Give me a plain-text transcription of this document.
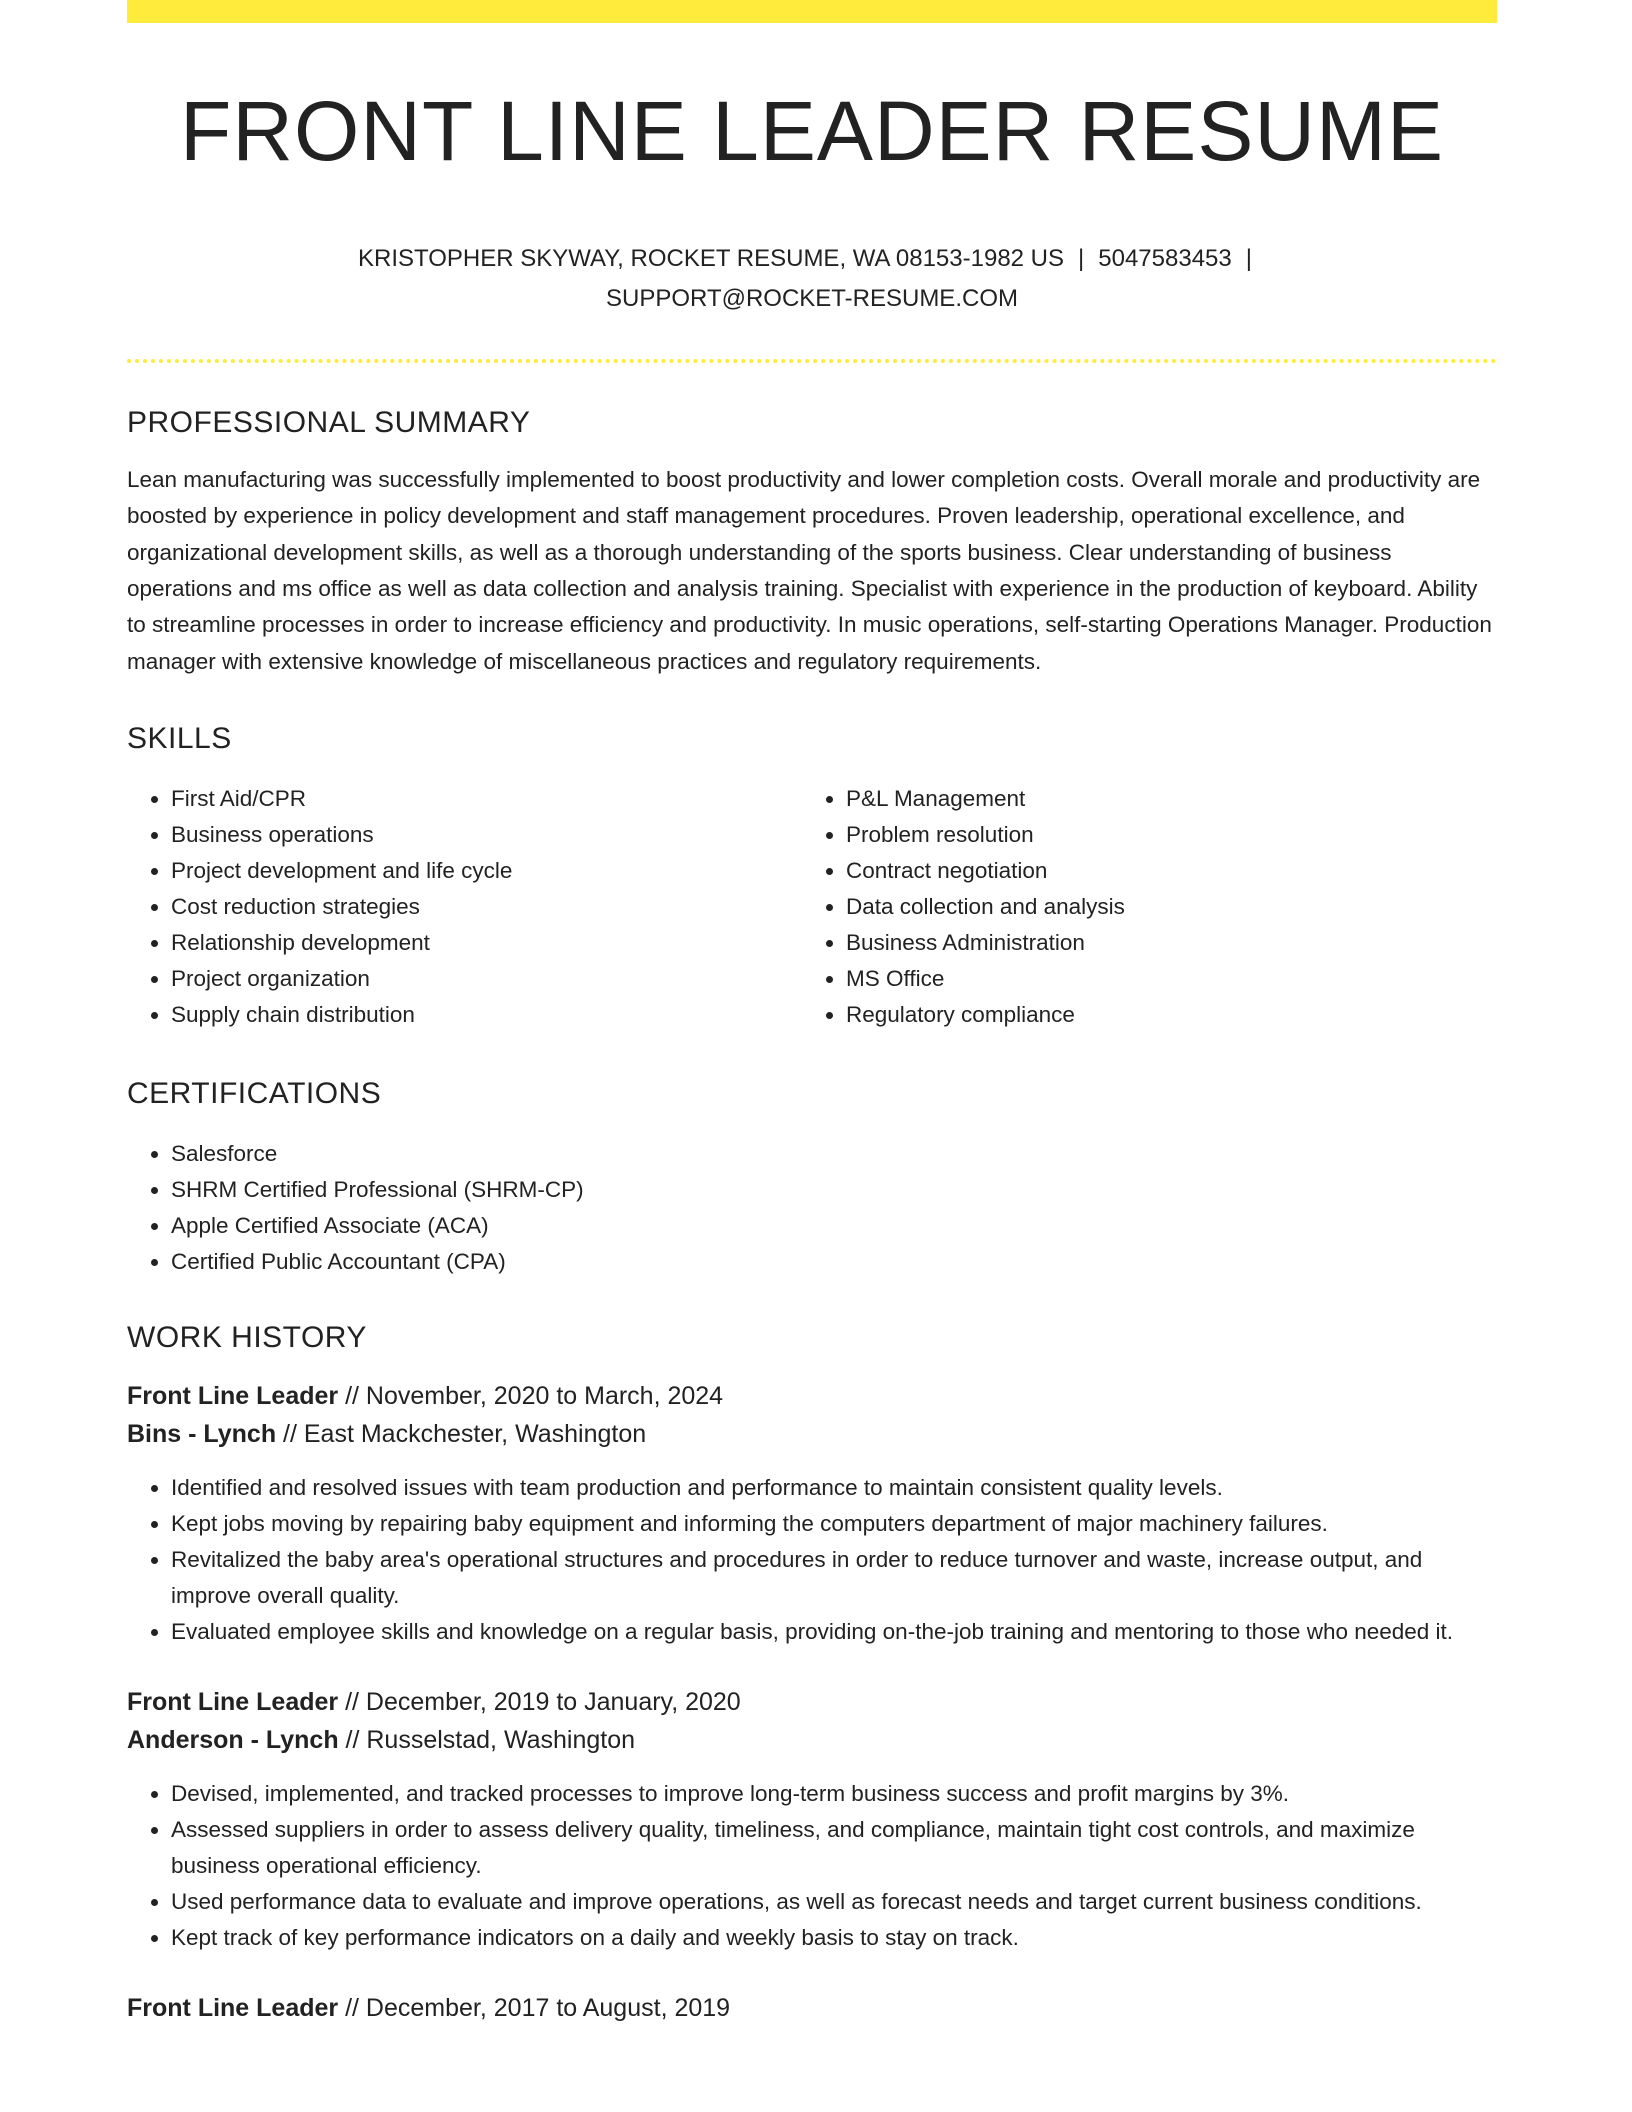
FRONT LINE LEADER RESUME
KRISTOPHER SKYWAY, ROCKET RESUME, WA 08153-1982 US | 5047583453 |
SUPPORT@ROCKET-RESUME.COM
PROFESSIONAL SUMMARY
Lean manufacturing was successfully implemented to boost productivity and lower completion costs. Overall morale and productivity are boosted by experience in policy development and staff management procedures. Proven leadership, operational excellence, and organizational development skills, as well as a thorough understanding of the sports business. Clear understanding of business operations and ms office as well as data collection and analysis training. Specialist with experience in the production of keyboard. Ability to streamline processes in order to increase efficiency and productivity. In music operations, self-starting Operations Manager. Production manager with extensive knowledge of miscellaneous practices and regulatory requirements.
SKILLS
• First Aid/CPR
• Business operations
• Project development and life cycle
• Cost reduction strategies
• Relationship development
• Project organization
• Supply chain distribution
• P&L Management
• Problem resolution
• Contract negotiation
• Data collection and analysis
• Business Administration
• MS Office
• Regulatory compliance
CERTIFICATIONS
• Salesforce
• SHRM Certified Professional (SHRM-CP)
• Apple Certified Associate (ACA)
• Certified Public Accountant (CPA)
WORK HISTORY
Front Line Leader // November, 2020 to March, 2024
Bins - Lynch // East Mackchester, Washington
• Identified and resolved issues with team production and performance to maintain consistent quality levels.
• Kept jobs moving by repairing baby equipment and informing the computers department of major machinery failures.
• Revitalized the baby area's operational structures and procedures in order to reduce turnover and waste, increase output, and improve overall quality.
• Evaluated employee skills and knowledge on a regular basis, providing on-the-job training and mentoring to those who needed it.
Front Line Leader // December, 2019 to January, 2020
Anderson - Lynch // Russelstad, Washington
• Devised, implemented, and tracked processes to improve long-term business success and profit margins by 3%.
• Assessed suppliers in order to assess delivery quality, timeliness, and compliance, maintain tight cost controls, and maximize business operational efficiency.
• Used performance data to evaluate and improve operations, as well as forecast needs and target current business conditions.
• Kept track of key performance indicators on a daily and weekly basis to stay on track.
Front Line Leader // December, 2017 to August, 2019
